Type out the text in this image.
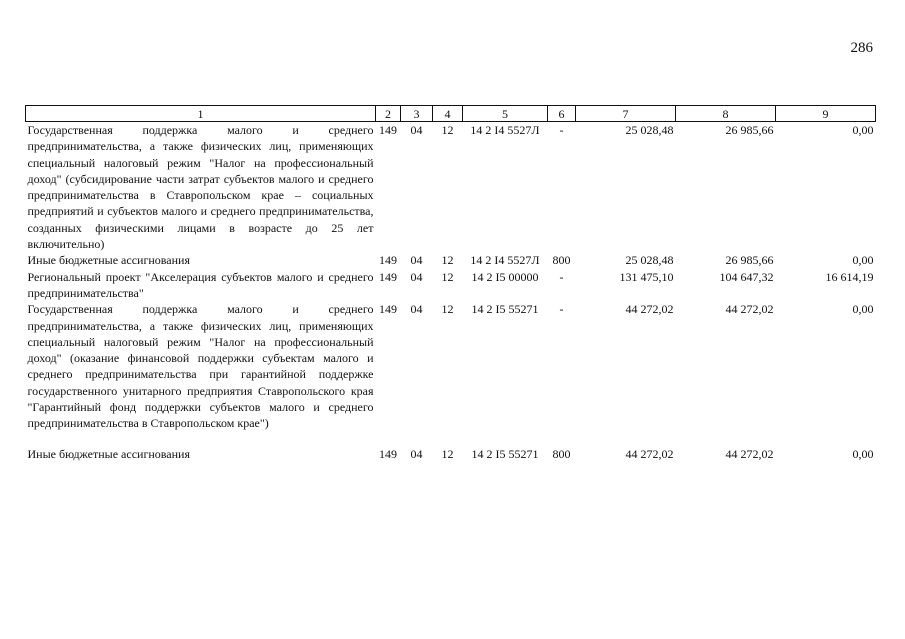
286
1	2	3	4	5	6	7	8	9
Государственная поддержка малого и среднего предпринимательства, а также физических лиц, применяющих специальный налоговый режим "Налог на профессиональный доход" (субсидирование части затрат субъектов малого и среднего предпринимательства в Ставропольском крае – социальных предприятий и субъектов малого и среднего предпринимательства, созданных физическими лицами в возрасте до 25 лет включительно)	149	04	12	14 2 I4 5527Л	-	25 028,48	26 985,66	0,00
Иные бюджетные ассигнования	149	04	12	14 2 I4 5527Л	800	25 028,48	26 985,66	0,00
Региональный проект "Акселерация субъектов малого и среднего предпринимательства"	149	04	12	14 2 I5 00000	-	131 475,10	104 647,32	16 614,19
Государственная поддержка малого и среднего предпринимательства, а также физических лиц, применяющих специальный налоговый режим "Налог на профессиональный доход" (оказание финансовой поддержки субъектам малого и среднего предпринимательства при гарантийной поддержке государственного унитарного предприятия Ставропольского края "Гарантийный фонд поддержки субъектов малого и среднего предпринимательства в Ставропольском крае")	149	04	12	14 2 I5 55271	-	44 272,02	44 272,02	0,00

Иные бюджетные ассигнования	149	04	12	14 2 I5 55271	800	44 272,02	44 272,02	0,00
